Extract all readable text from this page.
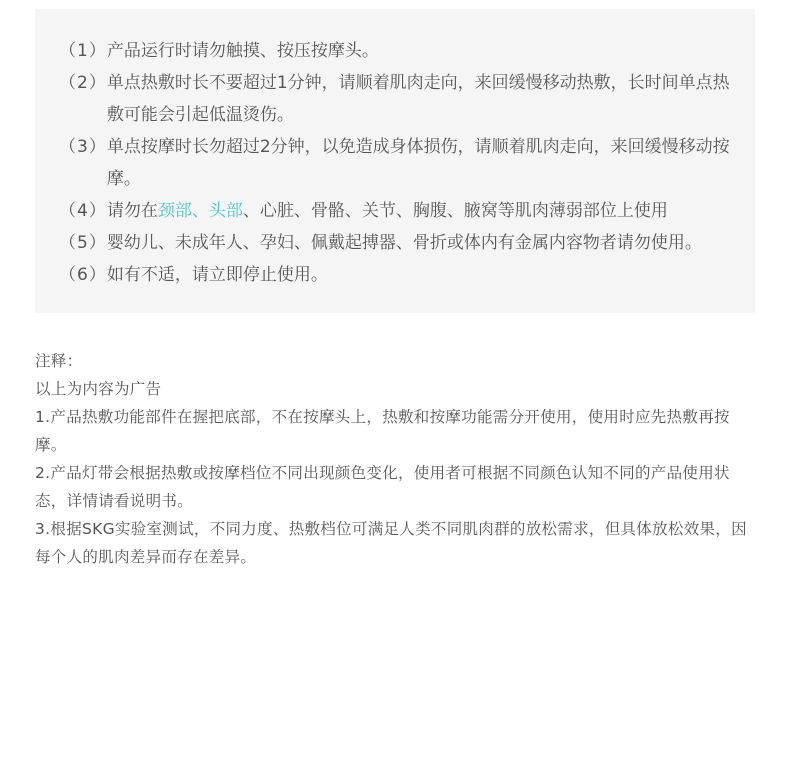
（1） 产品运行时请勿触摸、按压按摩头。
（2） 单点热敷时长不要超过1分钟，请顺着肌肉走向，来回缓慢移动热敷，长时间单点热敷可能会引起低温烫伤。
（3） 单点按摩时长勿超过2分钟，以免造成身体损伤，请顺着肌肉走向，来回缓慢移动按摩。
（4） 请勿在颈部、头部、心脏、骨骼、关节、胸腹、腋窝等肌肉薄弱部位上使用
（5） 婴幼儿、未成年人、孕妇、佩戴起搏器、骨折或体内有金属内容物者请勿使用。
（6） 如有不适，请立即停止使用。

注释：

以上为内容为广告

1.产品热敷功能部件在握把底部，不在按摩头上，热敷和按摩功能需分开使用，使用时应先热敷再按摩。

2.产品灯带会根据热敷或按摩档位不同出现颜色变化，使用者可根据不同颜色认知不同的产品使用状态，详情请看说明书。

3.根据SKG实验室测试，不同力度、热敷档位可满足人类不同肌肉群的放松需求，但具体放松效果，因每个人的肌肉差异而存在差异。
